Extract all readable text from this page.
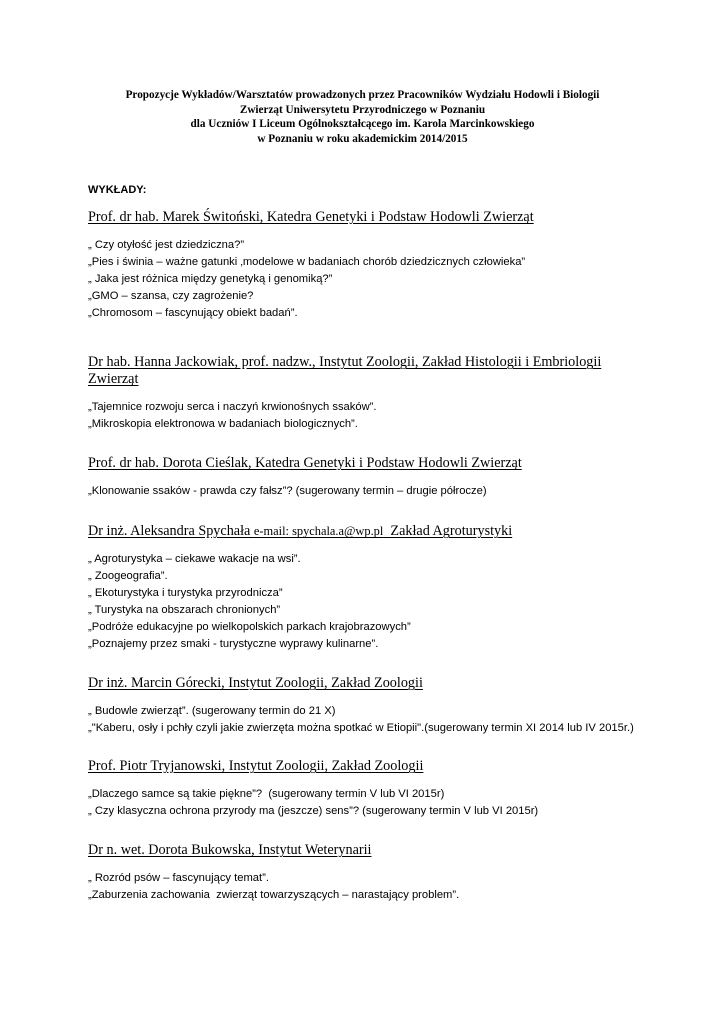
Propozycje Wykładów/Warsztatów prowadzonych przez Pracowników Wydziału Hodowli i Biologii
Zwierząt Uniwersytetu Przyrodniczego w Poznaniu
dla Uczniów I Liceum Ogólnokształcącego im. Karola Marcinkowskiego
w Poznaniu w roku akademickim 2014/2015
WYKŁADY:
Prof. dr hab. Marek Świtoński, Katedra Genetyki i Podstaw Hodowli Zwierząt
„ Czy otyłość jest dziedziczna?”
„Pies i świnia – ważne gatunki ‚modelowe w badaniach chorób dziedzicznych człowieka”
„ Jaka jest różnica między genetyką i genomiką?”
„GMO – szansa, czy zagrożenie?
„Chromosom – fascynujący obiekt badań”.
Dr hab. Hanna Jackowiak, prof. nadzw., Instytut Zoologii, Zakład Histologii i Embriologii Zwierząt
„Tajemnice rozwoju serca i naczyń krwionośnych ssaków”.
„Mikroskopia elektronowa w badaniach biologicznych”.
Prof. dr hab. Dorota Cieślak, Katedra Genetyki i Podstaw Hodowli Zwierząt
„Klonowanie ssaków - prawda czy fałsz”? (sugerowany termin – drugie półrocze)
Dr inż. Aleksandra Spychała e-mail: spychala.a@wp.pl  Zakład Agroturystyki
„ Agroturystyka – ciekawe wakacje na wsi”.
„ Zoogeografia”.
„ Ekoturystyka i turystyka przyrodnicza”
„ Turystyka na obszarach chronionych”
„Podróże edukacyjne po wielkopolskich parkach krajobrazowych”
„Poznajemy przez smaki - turystyczne wyprawy kulinarne”.
Dr inż. Marcin Górecki, Instytut Zoologii, Zakład Zoologii
„ Budowle zwierząt”. (sugerowany termin do 21 X)
„"Kaberu, osły i pchły czyli jakie zwierzęta można spotkać w Etiopii".(sugerowany termin XI 2014 lub IV 2015r.)
Prof. Piotr Tryjanowski, Instytut Zoologii, Zakład Zoologii
„Dlaczego samce są takie piękne”?  (sugerowany termin V lub VI 2015r)
„ Czy klasyczna ochrona przyrody ma (jeszcze) sens”? (sugerowany termin V lub VI 2015r)
Dr n. wet. Dorota Bukowska, Instytut Weterynarii
„ Rozród psów – fascynujący temat”.
„Zaburzenia zachowania  zwierząt towarzyszących – narastający problem”.
